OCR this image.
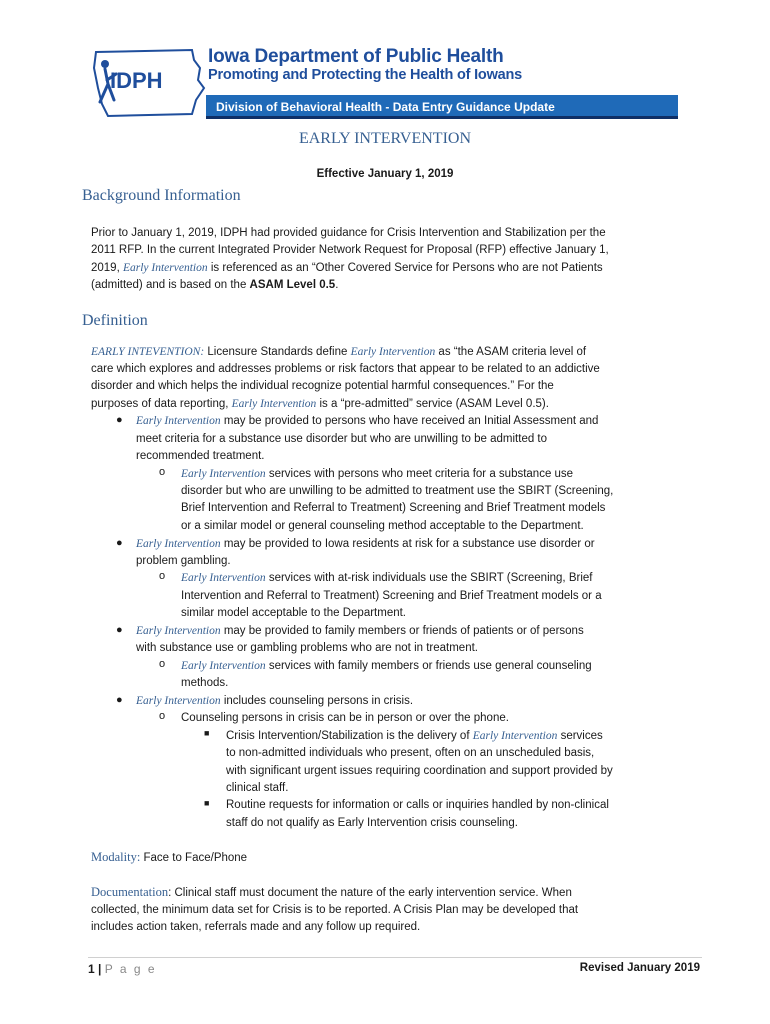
IDPH
Iowa Department of Public Health
Promoting and Protecting the Health of Iowans
Division of Behavioral Health - Data Entry Guidance Update
EARLY INTERVENTION
Effective January 1, 2019
Background Information
Prior to January 1, 2019, IDPH had provided guidance for Crisis Intervention and Stabilization per the
2011 RFP. In the current Integrated Provider Network Request for Proposal (RFP) effective January 1,
2019, Early Intervention is referenced as an “Other Covered Service for Persons who are not Patients
(admitted) and is based on the ASAM Level 0.5.
Definition
EARLY INTEVENTION: Licensure Standards define Early Intervention as “the ASAM criteria level of
care which explores and addresses problems or risk factors that appear to be related to an addictive
disorder and which helps the individual recognize potential harmful consequences.” For the
purposes of data reporting, Early Intervention is a “pre-admitted” service (ASAM Level 0.5).
● Early Intervention may be provided to persons who have received an Initial Assessment and
meet criteria for a substance use disorder but who are unwilling to be admitted to
recommended treatment.
o Early Intervention services with persons who meet criteria for a substance use
disorder but who are unwilling to be admitted to treatment use the SBIRT (Screening,
Brief Intervention and Referral to Treatment) Screening and Brief Treatment models
or a similar model or general counseling method acceptable to the Department.
● Early Intervention may be provided to Iowa residents at risk for a substance use disorder or
problem gambling.
o Early Intervention services with at-risk individuals use the SBIRT (Screening, Brief
Intervention and Referral to Treatment) Screening and Brief Treatment models or a
similar model acceptable to the Department.
● Early Intervention may be provided to family members or friends of patients or of persons
with substance use or gambling problems who are not in treatment.
o Early Intervention services with family members or friends use general counseling
methods.
● Early Intervention includes counseling persons in crisis.
o Counseling persons in crisis can be in person or over the phone.
■ Crisis Intervention/Stabilization is the delivery of Early Intervention services
to non-admitted individuals who present, often on an unscheduled basis,
with significant urgent issues requiring coordination and support provided by
clinical staff.
■ Routine requests for information or calls or inquiries handled by non-clinical
staff do not qualify as Early Intervention crisis counseling.
Modality: Face to Face/Phone
Documentation: Clinical staff must document the nature of the early intervention service. When
collected, the minimum data set for Crisis is to be reported. A Crisis Plan may be developed that
includes action taken, referrals made and any follow up required.
1 | P a g e	Revised January 2019
